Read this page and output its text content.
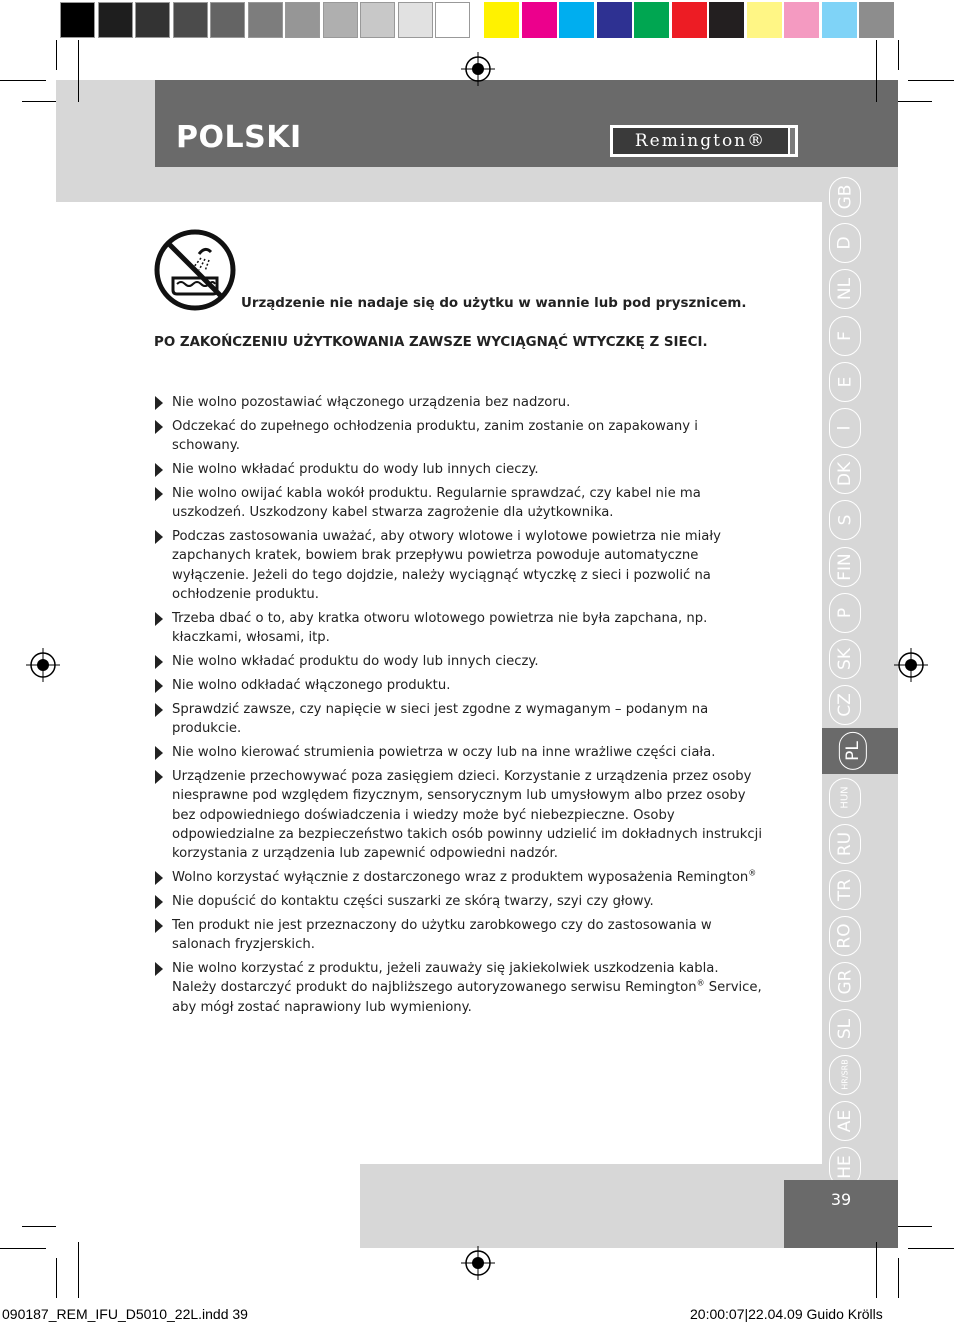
POLSKI	Remington®
GB
D
NL
F
E
I
DK
S
FIN
P
SK
CZ
PL
HUN
RU
TR
RO
GR
SL
HR/SRB
AE
HE
Urządzenie nie nadaje się do użytku w wannie lub pod prysznicem.
PO ZAKOŃCZENIU UŻYTKOWANIA ZAWSZE WYCIĄGNĄĆ WTYCZKĘ Z SIECI.
Nie wolno pozostawiać włączonego urządzenia bez nadzoru.
Odczekać do zupełnego ochłodzenia produktu, zanim zostanie on zapakowany i schowany.
Nie wolno wkładać produktu do wody lub innych cieczy.
Nie wolno owijać kabla wokół produktu. Regularnie sprawdzać, czy kabel nie ma uszkodzeń. Uszkodzony kabel stwarza zagrożenie dla użytkownika.
Podczas zastosowania uważać, aby otwory wlotowe i wylotowe powietrza nie miały zapchanych kratek, bowiem brak przepływu powietrza powoduje automatyczne wyłączenie. Jeżeli do tego dojdzie, należy wyciągnąć wtyczkę z sieci i pozwolić na ochłodzenie produktu.
Trzeba dbać o to, aby kratka otworu wlotowego powietrza nie była zapchana, np. kłaczkami, włosami, itp.
Nie wolno wkładać produktu do wody lub innych cieczy.
Nie wolno odkładać włączonego produktu.
Sprawdzić zawsze, czy napięcie w sieci jest zgodne z wymaganym – podanym na produkcie.
Nie wolno kierować strumienia powietrza w oczy lub na inne wrażliwe części ciała.
Urządzenie przechowywać poza zasięgiem dzieci. Korzystanie z urządzenia przez osoby niesprawne pod względem fizycznym, sensorycznym lub umysłowym albo przez osoby bez odpowiedniego doświadczenia i wiedzy może być niebezpieczne. Osoby odpowiedzialne za bezpieczeństwo takich osób powinny udzielić im dokładnych instrukcji korzystania z urządzenia lub zapewnić odpowiedni nadzór.
Wolno korzystać wyłącznie z dostarczonego wraz z produktem wyposażenia Remington®
Nie dopuścić do kontaktu części suszarki ze skórą twarzy, szyi czy głowy.
Ten produkt nie jest przeznaczony do użytku zarobkowego czy do zastosowania w salonach fryzjerskich.
Nie wolno korzystać z produktu, jeżeli zauważy się jakiekolwiek uszkodzenia kabla. Należy dostarczyć produkt do najbliższego autoryzowanego serwisu Remington® Service, aby mógł zostać naprawiony lub wymieniony.
39
090187_REM_IFU_D5010_22L.indd 39	20:00:07|22.04.09 Guido Krölls
